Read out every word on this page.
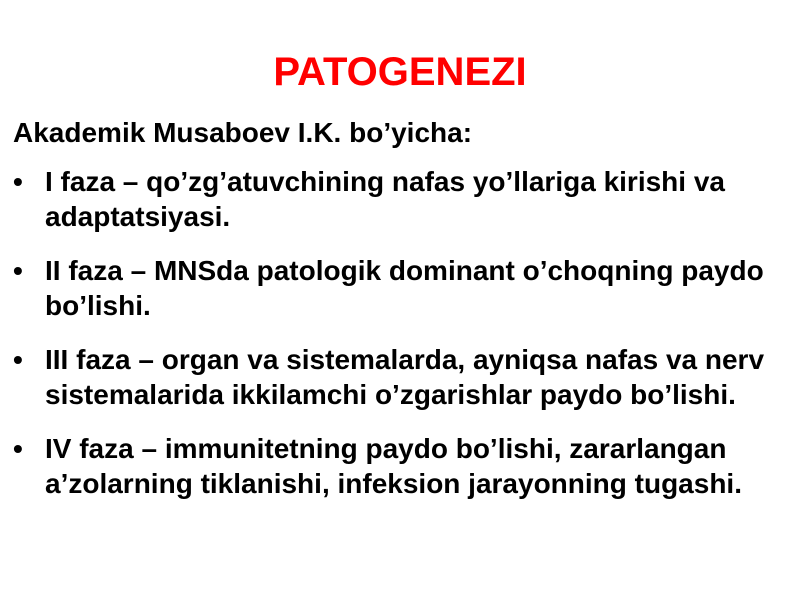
PATOGENEZI

Akademik Musaboev I.K. bo’yicha:

• I faza – qo’zg’atuvchining nafas yo’llariga kirishi va adaptatsiyasi.
• II faza – MNSda patologik dominant o’choqning paydo bo’lishi.
• III faza – organ va sistemalarda, ayniqsa nafas va nerv sistemalarida ikkilamchi o’zgarishlar paydo bo’lishi.
• IV faza – immunitetning paydo bo’lishi, zararlangan a’zolarning tiklanishi, infeksion jarayonning tugashi.
